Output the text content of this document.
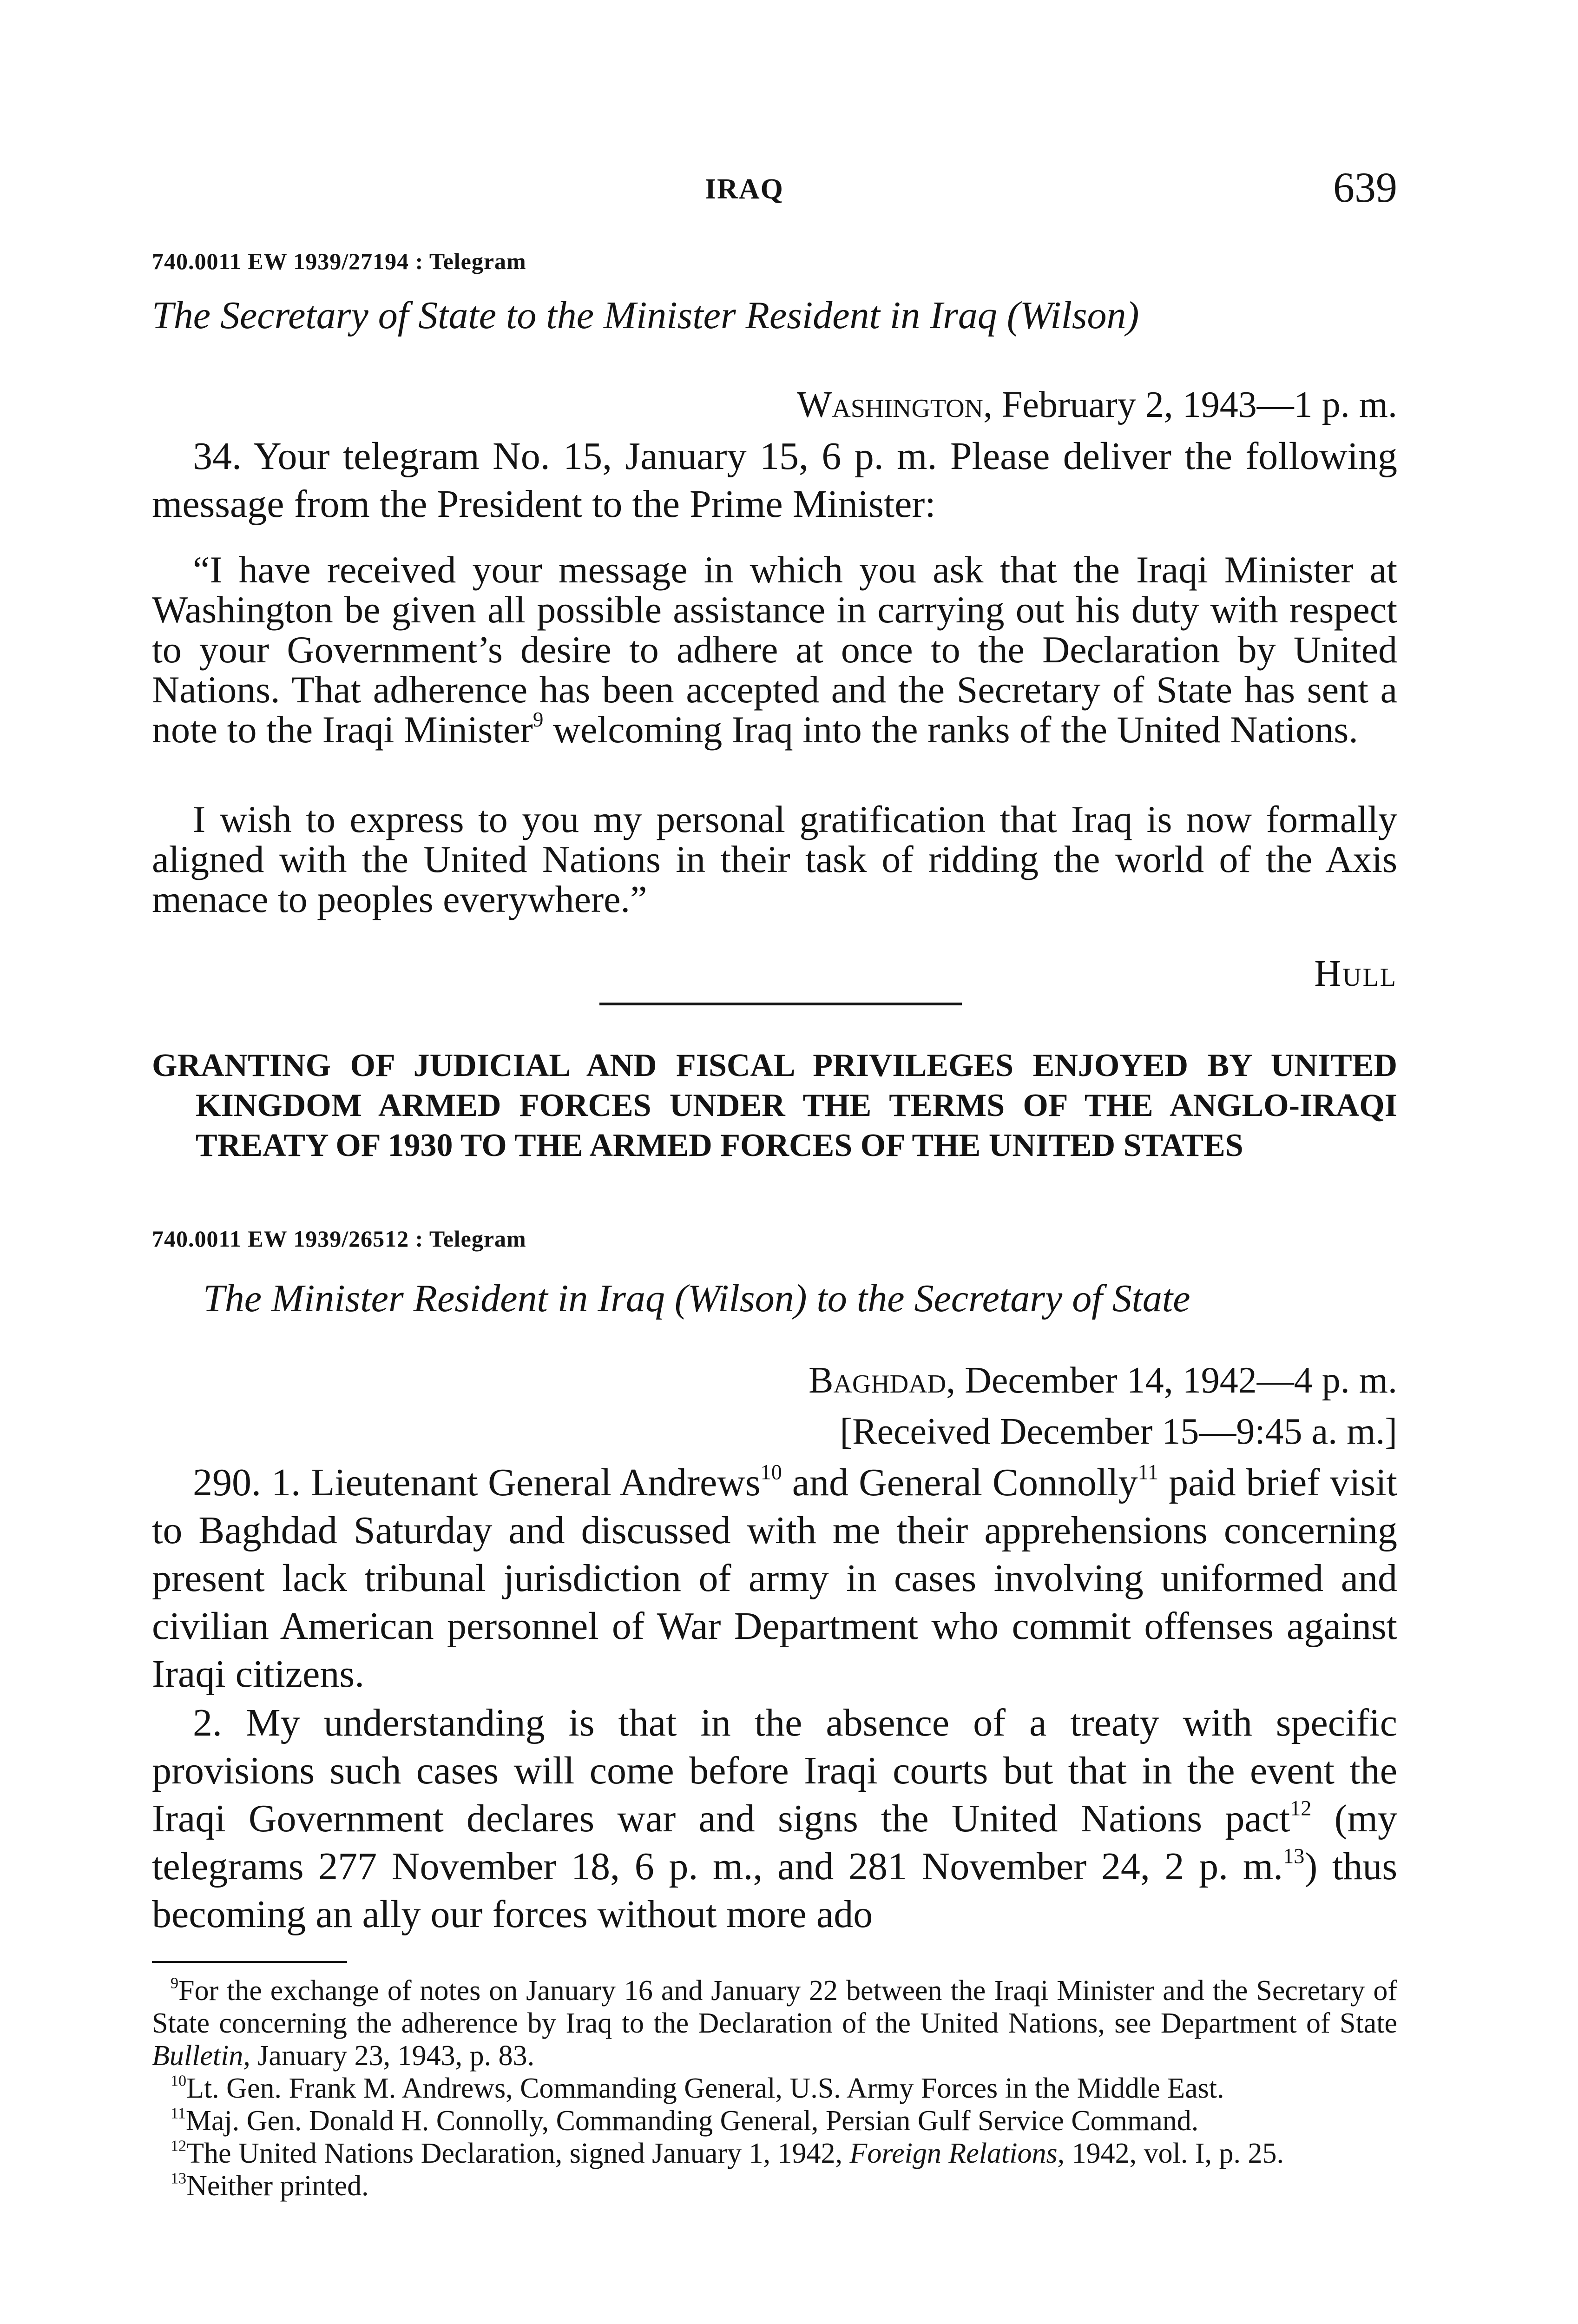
IRAQ	639
740.0011 EW 1939/27194 : Telegram
The Secretary of State to the Minister Resident in Iraq (Wilson)
Washington, February 2, 1943—1 p. m.

34. Your telegram No. 15, January 15, 6 p. m. Please deliver the following message from the President to the Prime Minister:

“I have received your message in which you ask that the Iraqi Minister at Washington be given all possible assistance in carrying out his duty with respect to your Government’s desire to adhere at once to the Declaration by United Nations. That adherence has been accepted and the Secretary of State has sent a note to the Iraqi Minister$^9$ welcoming Iraq into the ranks of the United Nations.

I wish to express to you my personal gratification that Iraq is now formally aligned with the United Nations in their task of ridding the world of the Axis menace to peoples everywhere.”

Hull

GRANTING OF JUDICIAL AND FISCAL PRIVILEGES ENJOYED BY UNITED KINGDOM ARMED FORCES UNDER THE TERMS OF THE ANGLO-IRAQI TREATY OF 1930 TO THE ARMED FORCES OF THE UNITED STATES

740.0011 EW 1939/26512 : Telegram
The Minister Resident in Iraq (Wilson) to the Secretary of State
Baghdad, December 14, 1942—4 p. m.
[Received December 15—9:45 a. m.]

290. 1. Lieutenant General Andrews$^{10}$ and General Connolly$^{11}$ paid brief visit to Baghdad Saturday and discussed with me their apprehensions concerning present lack tribunal jurisdiction of army in cases involving uniformed and civilian American personnel of War Department who commit offenses against Iraqi citizens.

2. My understanding is that in the absence of a treaty with specific provisions such cases will come before Iraqi courts but that in the event the Iraqi Government declares war and signs the United Nations pact$^{12}$ (my telegrams 277 November 18, 6 p. m., and 281 November 24, 2 p. m.$^{13}$) thus becoming an ally our forces without more ado

$^9$For the exchange of notes on January 16 and January 22 between the Iraqi Minister and the Secretary of State concerning the adherence by Iraq to the Declaration of the United Nations, see Department of State Bulletin, January 23, 1943, p. 83.

$^{10}$Lt. Gen. Frank M. Andrews, Commanding General, U.S. Army Forces in the Middle East.

$^{11}$Maj. Gen. Donald H. Connolly, Commanding General, Persian Gulf Service Command.

$^{12}$The United Nations Declaration, signed January 1, 1942, Foreign Relations, 1942, vol. I, p. 25.

$^{13}$Neither printed.
